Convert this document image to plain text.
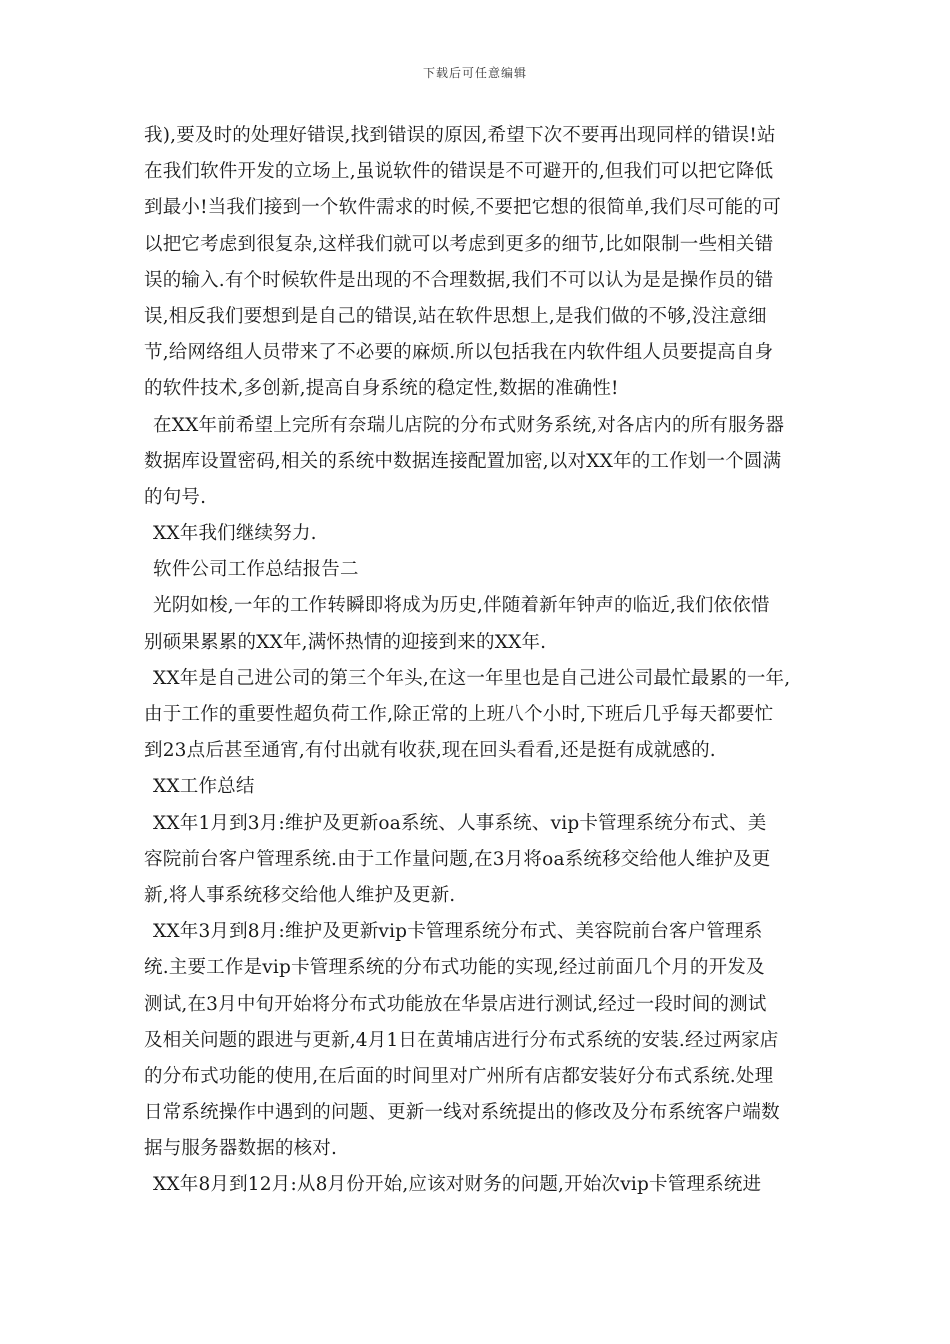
下载后可任意编辑
我),要及时的处理好错误,找到错误的原因,希望下次不要再出现同样的错误!站
在我们软件开发的立场上,虽说软件的错误是不可避开的,但我们可以把它降低
到最小!当我们接到一个软件需求的时候,不要把它想的很简单,我们尽可能的可
以把它考虑到很复杂,这样我们就可以考虑到更多的细节,比如限制一些相关错
误的输入.有个时候软件是出现的不合理数据,我们不可以认为是是操作员的错
误,相反我们要想到是自己的错误,站在软件思想上,是我们做的不够,没注意细
节,给网络组人员带来了不必要的麻烦.所以包括我在内软件组人员要提高自身
的软件技术,多创新,提高自身系统的稳定性,数据的准确性!
在XX年前希望上完所有奈瑞儿店院的分布式财务系统,对各店内的所有服务器
数据库设置密码,相关的系统中数据连接配置加密,以对XX年的工作划一个圆满
的句号.
XX年我们继续努力.
软件公司工作总结报告二
光阴如梭,一年的工作转瞬即将成为历史,伴随着新年钟声的临近,我们依依惜
别硕果累累的XX年,满怀热情的迎接到来的XX年.
XX年是自己进公司的第三个年头,在这一年里也是自己进公司最忙最累的一年,
由于工作的重要性超负荷工作,除正常的上班八个小时,下班后几乎每天都要忙
到23点后甚至通宵,有付出就有收获,现在回头看看,还是挺有成就感的.
XX工作总结
XX年1月到3月:维护及更新oa系统、人事系统、vip卡管理系统分布式、美
容院前台客户管理系统.由于工作量问题,在3月将oa系统移交给他人维护及更
新,将人事系统移交给他人维护及更新.
XX年3月到8月:维护及更新vip卡管理系统分布式、美容院前台客户管理系
统.主要工作是vip卡管理系统的分布式功能的实现,经过前面几个月的开发及
测试,在3月中旬开始将分布式功能放在华景店进行测试,经过一段时间的测试
及相关问题的跟进与更新,4月1日在黄埔店进行分布式系统的安装.经过两家店
的分布式功能的使用,在后面的时间里对广州所有店都安装好分布式系统.处理
日常系统操作中遇到的问题、更新一线对系统提出的修改及分布系统客户端数
据与服务器数据的核对.
XX年8月到12月:从8月份开始,应该对财务的问题,开始次vip卡管理系统进
